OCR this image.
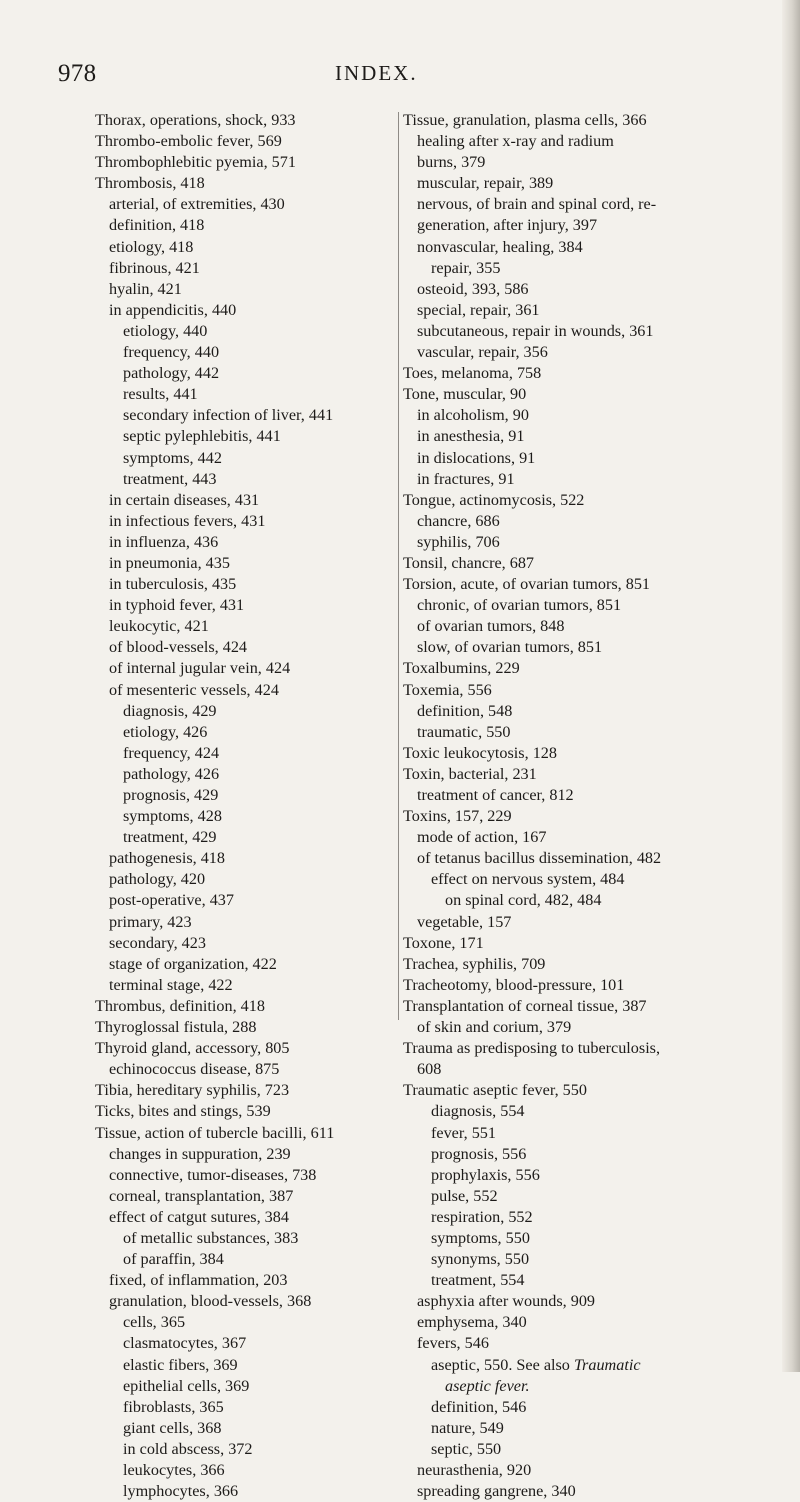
978	INDEX.
Thorax, operations, shock, 933
Thrombo-embolic fever, 569
Thrombophlebitic pyemia, 571
Thrombosis, 418
arterial, of extremities, 430
definition, 418
etiology, 418
fibrinous, 421
hyalin, 421
in appendicitis, 440
etiology, 440
frequency, 440
pathology, 442
results, 441
secondary infection of liver, 441
septic pylephlebitis, 441
symptoms, 442
treatment, 443
in certain diseases, 431
in infectious fevers, 431
in influenza, 436
in pneumonia, 435
in tuberculosis, 435
in typhoid fever, 431
leukocytic, 421
of blood-vessels, 424
of internal jugular vein, 424
of mesenteric vessels, 424
diagnosis, 429
etiology, 426
frequency, 424
pathology, 426
prognosis, 429
symptoms, 428
treatment, 429
pathogenesis, 418
pathology, 420
post-operative, 437
primary, 423
secondary, 423
stage of organization, 422
terminal stage, 422
Thrombus, definition, 418
Thyroglossal fistula, 288
Thyroid gland, accessory, 805
echinococcus disease, 875
Tibia, hereditary syphilis, 723
Ticks, bites and stings, 539
Tissue, action of tubercle bacilli, 611
changes in suppuration, 239
connective, tumor-diseases, 738
corneal, transplantation, 387
effect of catgut sutures, 384
of metallic substances, 383
of paraffin, 384
fixed, of inflammation, 203
granulation, blood-vessels, 368
cells, 365
clasmatocytes, 367
elastic fibers, 369
epithelial cells, 369
fibroblasts, 365
giant cells, 368
in cold abscess, 372
leukocytes, 366
lymphocytes, 366
Tissue, granulation, plasma cells, 366
healing after x-ray and radium
burns, 379
muscular, repair, 389
nervous, of brain and spinal cord, re-
generation, after injury, 397
nonvascular, healing, 384
repair, 355
osteoid, 393, 586
special, repair, 361
subcutaneous, repair in wounds, 361
vascular, repair, 356
Toes, melanoma, 758
Tone, muscular, 90
in alcoholism, 90
in anesthesia, 91
in dislocations, 91
in fractures, 91
Tongue, actinomycosis, 522
chancre, 686
syphilis, 706
Tonsil, chancre, 687
Torsion, acute, of ovarian tumors, 851
chronic, of ovarian tumors, 851
of ovarian tumors, 848
slow, of ovarian tumors, 851
Toxalbumins, 229
Toxemia, 556
definition, 548
traumatic, 550
Toxic leukocytosis, 128
Toxin, bacterial, 231
treatment of cancer, 812
Toxins, 157, 229
mode of action, 167
of tetanus bacillus dissemination, 482
effect on nervous system, 484
on spinal cord, 482, 484
vegetable, 157
Toxone, 171
Trachea, syphilis, 709
Tracheotomy, blood-pressure, 101
Transplantation of corneal tissue, 387
of skin and corium, 379
Trauma as predisposing to tuberculosis,
608
Traumatic aseptic fever, 550
diagnosis, 554
fever, 551
prognosis, 556
prophylaxis, 556
pulse, 552
respiration, 552
symptoms, 550
synonyms, 550
treatment, 554
asphyxia after wounds, 909
emphysema, 340
fevers, 546
aseptic, 550. See also Traumatic
aseptic fever.
definition, 546
nature, 549
septic, 550
neurasthenia, 920
spreading gangrene, 340
